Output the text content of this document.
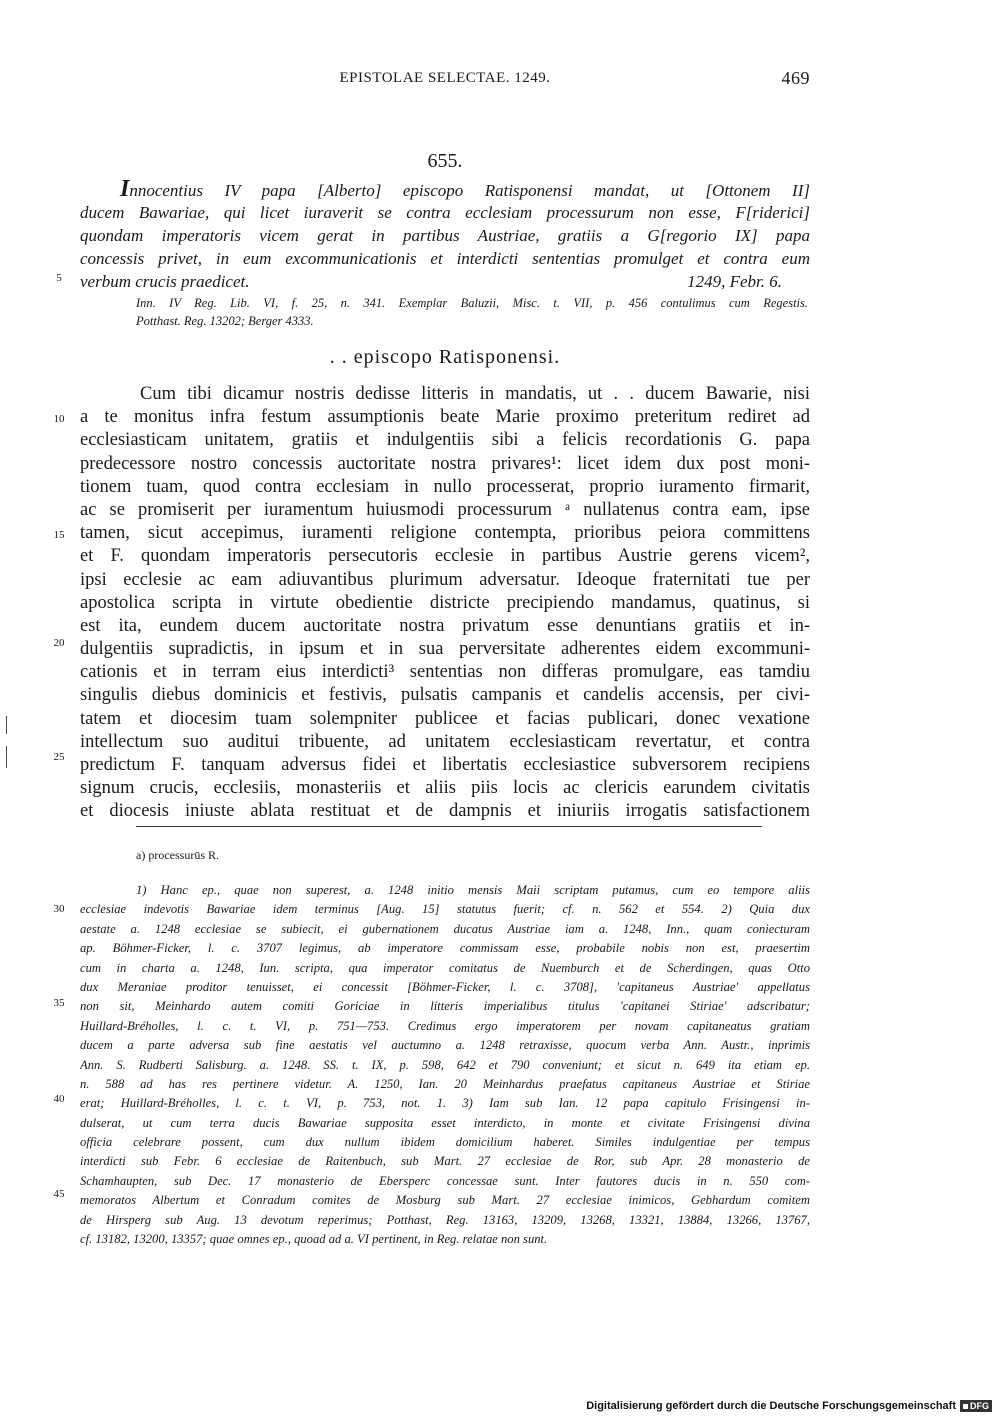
EPISTOLAE SELECTAE. 1249.	469
655.
Innocentius IV papa [Alberto] episcopo Ratisponensi mandat, ut [Ottonem II]
ducem Bawariae, qui licet iuraverit se contra ecclesiam processurum non esse, F[riderici]
quondam imperatoris vicem gerat in partibus Austriae, gratiis a G[regorio IX] papa
concessis privet, in eum excommunicationis et interdicti sententias promulget et contra eum
verbum crucis praedicet.	1249, Febr. 6.
5
Inn. IV Reg. Lib. VI, f. 25, n. 341. Exemplar Baluzii, Misc. t. VII, p. 456 contulimus cum Regestis.
Potthast. Reg. 13202; Berger 4333.
. . episcopo Ratisponensi.
Cum tibi dicamur nostris dedisse litteris in mandatis, ut . . ducem Bawarie, nisi
a te monitus infra festum assumptionis beate Marie proximo preteritum rediret ad
ecclesiasticam unitatem, gratiis et indulgentiis sibi a felicis recordationis G. papa
predecessore nostro concessis auctoritate nostra privares¹: licet idem dux post moni-
tionem tuam, quod contra ecclesiam in nullo processerat, proprio iuramento firmarit,
ac se promiserit per iuramentum huiusmodi processurum ᵃ nullatenus contra eam, ipse
tamen, sicut accepimus, iuramenti religione contempta, prioribus peiora committens
et F. quondam imperatoris persecutoris ecclesie in partibus Austrie gerens vicem²,
ipsi ecclesie ac eam adiuvantibus plurimum adversatur. Ideoque fraternitati tue per
apostolica scripta in virtute obedientie districte precipiendo mandamus, quatinus, si
est ita, eundem ducem auctoritate nostra privatum esse denuntians gratiis et in-
dulgentiis supradictis, in ipsum et in sua perversitate adherentes eidem excommuni-
cationis et in terram eius interdicti³ sententias non differas promulgare, eas tamdiu
singulis diebus dominicis et festivis, pulsatis campanis et candelis accensis, per civi-
tatem et diocesim tuam solempniter publicee et facias publicari, donec vexatione
intellectum suo auditui tribuente, ad unitatem ecclesiasticam revertatur, et contra
predictum F. tanquam adversus fidei et libertatis ecclesiastice subversorem recipiens
signum crucis, ecclesiis, monasteriis et aliis piis locis ac clericis earundem civitatis
et diocesis iniuste ablata restituat et de dampnis et iniuriis irrogatis satisfactionem
10
15
20
25
a) processurūs R.
1) Hanc ep., quae non superest, a. 1248 initio mensis Maii scriptam putamus, cum eo tempore aliis
ecclesiae indevotis Bawariae idem terminus [Aug. 15] statutus fuerit; cf. n. 562 et 554. 2) Quia dux
aestate a. 1248 ecclesiae se subiecit, ei gubernationem ducatus Austriae iam a. 1248, Inn., quam coniecturam
ap. Böhmer-Ficker, l. c. 3707 legimus, ab imperatore commissam esse, probabile nobis non est, praesertim
cum in charta a. 1248, Iun. scripta, qua imperator comitatus de Nuemburch et de Scherdingen, quas Otto
dux Meraniae proditor tenuisset, ei concessit [Böhmer-Ficker, l. c. 3708], 'capitaneus Austriae' appellatus
non sit, Meinhardo autem comiti Goriciae in litteris imperialibus titulus 'capitanei Stiriae' adscribatur;
Huillard-Bréholles, l. c. t. VI, p. 751—753. Credimus ergo imperatorem per novam capitaneatus gratiam
ducem a parte adversa sub fine aestatis vel auctumno a. 1248 retraxisse, quocum verba Ann. Austr., inprimis
Ann. S. Rudberti Salisburg. a. 1248. SS. t. IX, p. 598, 642 et 790 conveniunt; et sicut n. 649 ita etiam ep.
n. 588 ad has res pertinere videtur. A. 1250, Ian. 20 Meinhardus praefatus capitaneus Austriae et Stiriae
erat; Huillard-Bréholles, l. c. t. VI, p. 753, not. 1. 3) Iam sub Ian. 12 papa capitulo Frisingensi in-
dulserat, ut cum terra ducis Bawariae supposita esset interdicto, in monte et civitate Frisingensi divina
officia celebrare possent, cum dux nullum ibidem domicilium haberet. Similes indulgentiae per tempus
interdicti sub Febr. 6 ecclesiae de Raitenbuch, sub Mart. 27 ecclesiae de Ror, sub Apr. 28 monasterio de
Schamhaupten, sub Dec. 17 monasterio de Ebersperc concessae sunt. Inter fautores ducis in n. 550 com-
memoratos Albertum et Conradum comites de Mosburg sub Mart. 27 ecclesiae inimicos, Gebhardum comitem
de Hirsperg sub Aug. 13 devotum reperimus; Potthast, Reg. 13163, 13209, 13268, 13321, 13884, 13266, 13767,
cf. 13182, 13200, 13357; quae omnes ep., quoad ad a. VI pertinent, in Reg. relatae non sunt.
30
35
40
45
Digitalisierung gefördert durch die Deutsche Forschungsgemeinschaft DFG
